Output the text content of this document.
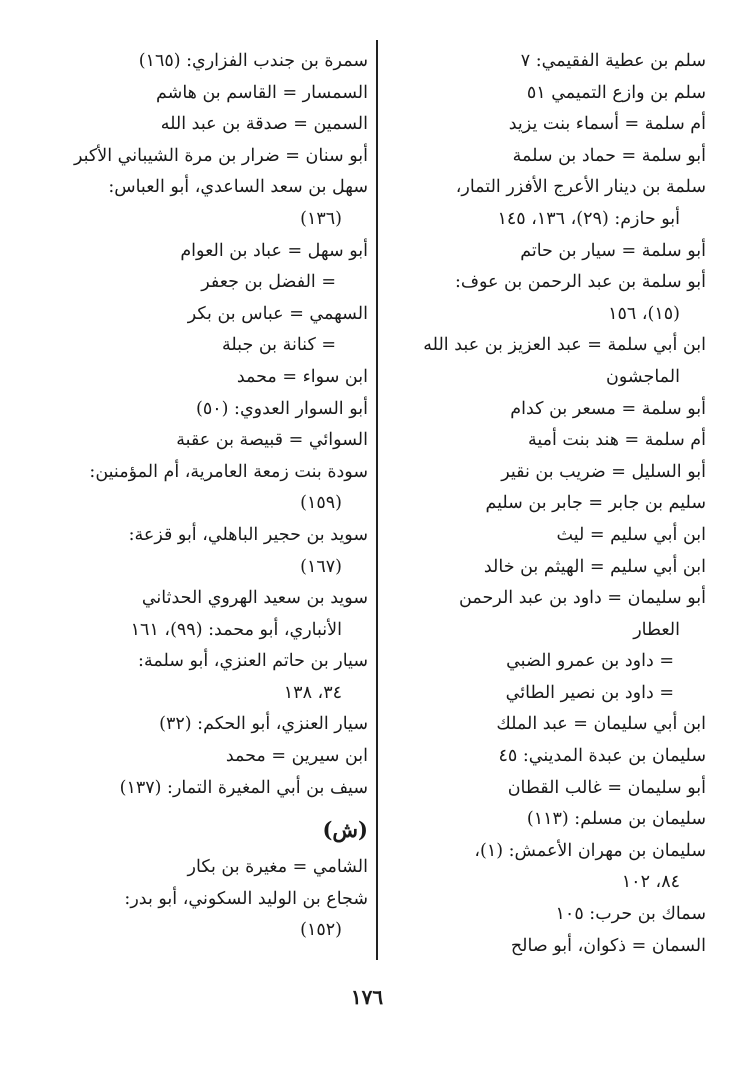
سلم بن عطية الفقيمي: ٧
سلم بن وازع التميمي ٥١
أم سلمة = أسماء بنت يزيد
أبو سلمة = حماد بن سلمة
سلمة بن دينار الأعرج الأفزر التمار،
أبو حازم: (٢٩)، ١٣٦، ١٤٥
أبو سلمة = سيار بن حاتم
أبو سلمة بن عبد الرحمن بن عوف:
(١٥)، ١٥٦
ابن أبي سلمة = عبد العزيز بن عبد الله
الماجشون
أبو سلمة = مسعر بن كدام
أم سلمة = هند بنت أمية
أبو السليل = ضريب بن نقير
سليم بن جابر = جابر بن سليم
ابن أبي سليم = ليث
ابن أبي سليم = الهيثم بن خالد
أبو سليمان = داود بن عبد الرحمن
العطار
= داود بن عمرو الضبي
= داود بن نصير الطائي
ابن أبي سليمان = عبد الملك
سليمان بن عبدة المديني: ٤٥
أبو سليمان = غالب القطان
سليمان بن مسلم: (١١٣)
سليمان بن مهران الأعمش: (١)،
٨٤، ١٠٢
سماك بن حرب: ١٠٥
السمان = ذكوان، أبو صالح
سمرة بن جندب الفزاري: (١٦٥)
السمسار = القاسم بن هاشم
السمين = صدقة بن عبد الله
أبو سنان = ضرار بن مرة الشيباني الأكبر
سهل بن سعد الساعدي، أبو العباس:
(١٣٦)
أبو سهل = عباد بن العوام
= الفضل بن جعفر
السهمي = عباس بن بكر
= كنانة بن جبلة
ابن سواء = محمد
أبو السوار العدوي: (٥٠)
السوائي = قبيصة بن عقبة
سودة بنت زمعة العامرية، أم المؤمنين:
(١٥٩)
سويد بن حجير الباهلي، أبو قزعة:
(١٦٧)
سويد بن سعيد الهروي الحدثاني
الأنباري، أبو محمد: (٩٩)، ١٦١
سيار بن حاتم العنزي، أبو سلمة:
٣٤، ١٣٨
سيار العنزي، أبو الحكم: (٣٢)
ابن سيرين = محمد
سيف بن أبي المغيرة التمار: (١٣٧)
(ش)
الشامي = مغيرة بن بكار
شجاع بن الوليد السكوني، أبو بدر:
(١٥٢)
١٧٦
